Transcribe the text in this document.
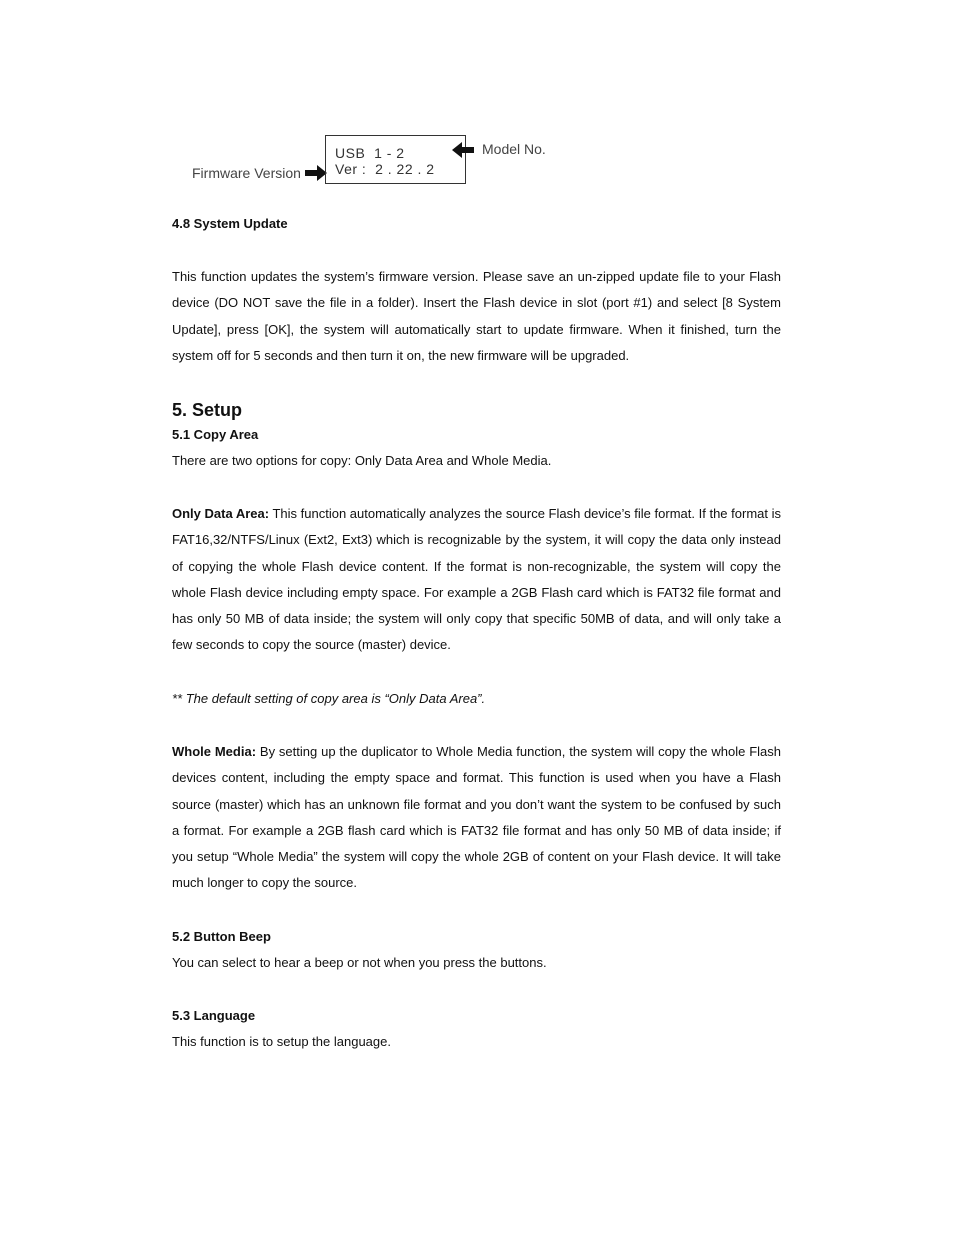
Firmware Version
USB  1 - 2
Ver :  2 . 22 . 2
Model No.
4.8 System Update
This function updates the system’s firmware version. Please save an un-zipped update file to your Flash device (DO NOT save the file in a folder). Insert the Flash device in slot (port #1) and select [8 System Update], press [OK], the system will automatically start to update firmware. When it finished, turn the system off for 5 seconds and then turn it on, the new firmware will be upgraded.
5. Setup
5.1 Copy Area
There are two options for copy: Only Data Area and Whole Media.
Only Data Area: This function automatically analyzes the source Flash device’s file format. If the format is FAT16,32/NTFS/Linux (Ext2, Ext3) which is recognizable by the system, it will copy the data only instead of copying the whole Flash device content. If the format is non-recognizable, the system will copy the whole Flash device including empty space. For example a 2GB Flash card which is FAT32 file format and has only 50 MB of data inside; the system will only copy that specific 50MB of data, and will only take a few seconds to copy the source (master) device.
** The default setting of copy area is “Only Data Area”.
Whole Media: By setting up the duplicator to Whole Media function, the system will copy the whole Flash devices content, including the empty space and format. This function is used when you have a Flash source (master) which has an unknown file format and you don’t want the system to be confused by such a format. For example a 2GB flash card which is FAT32 file format and has only 50 MB of data inside; if you setup “Whole Media” the system will copy the whole 2GB of content on your Flash device. It will take much longer to copy the source.
5.2 Button Beep
You can select to hear a beep or not when you press the buttons.
5.3 Language
This function is to setup the language.
